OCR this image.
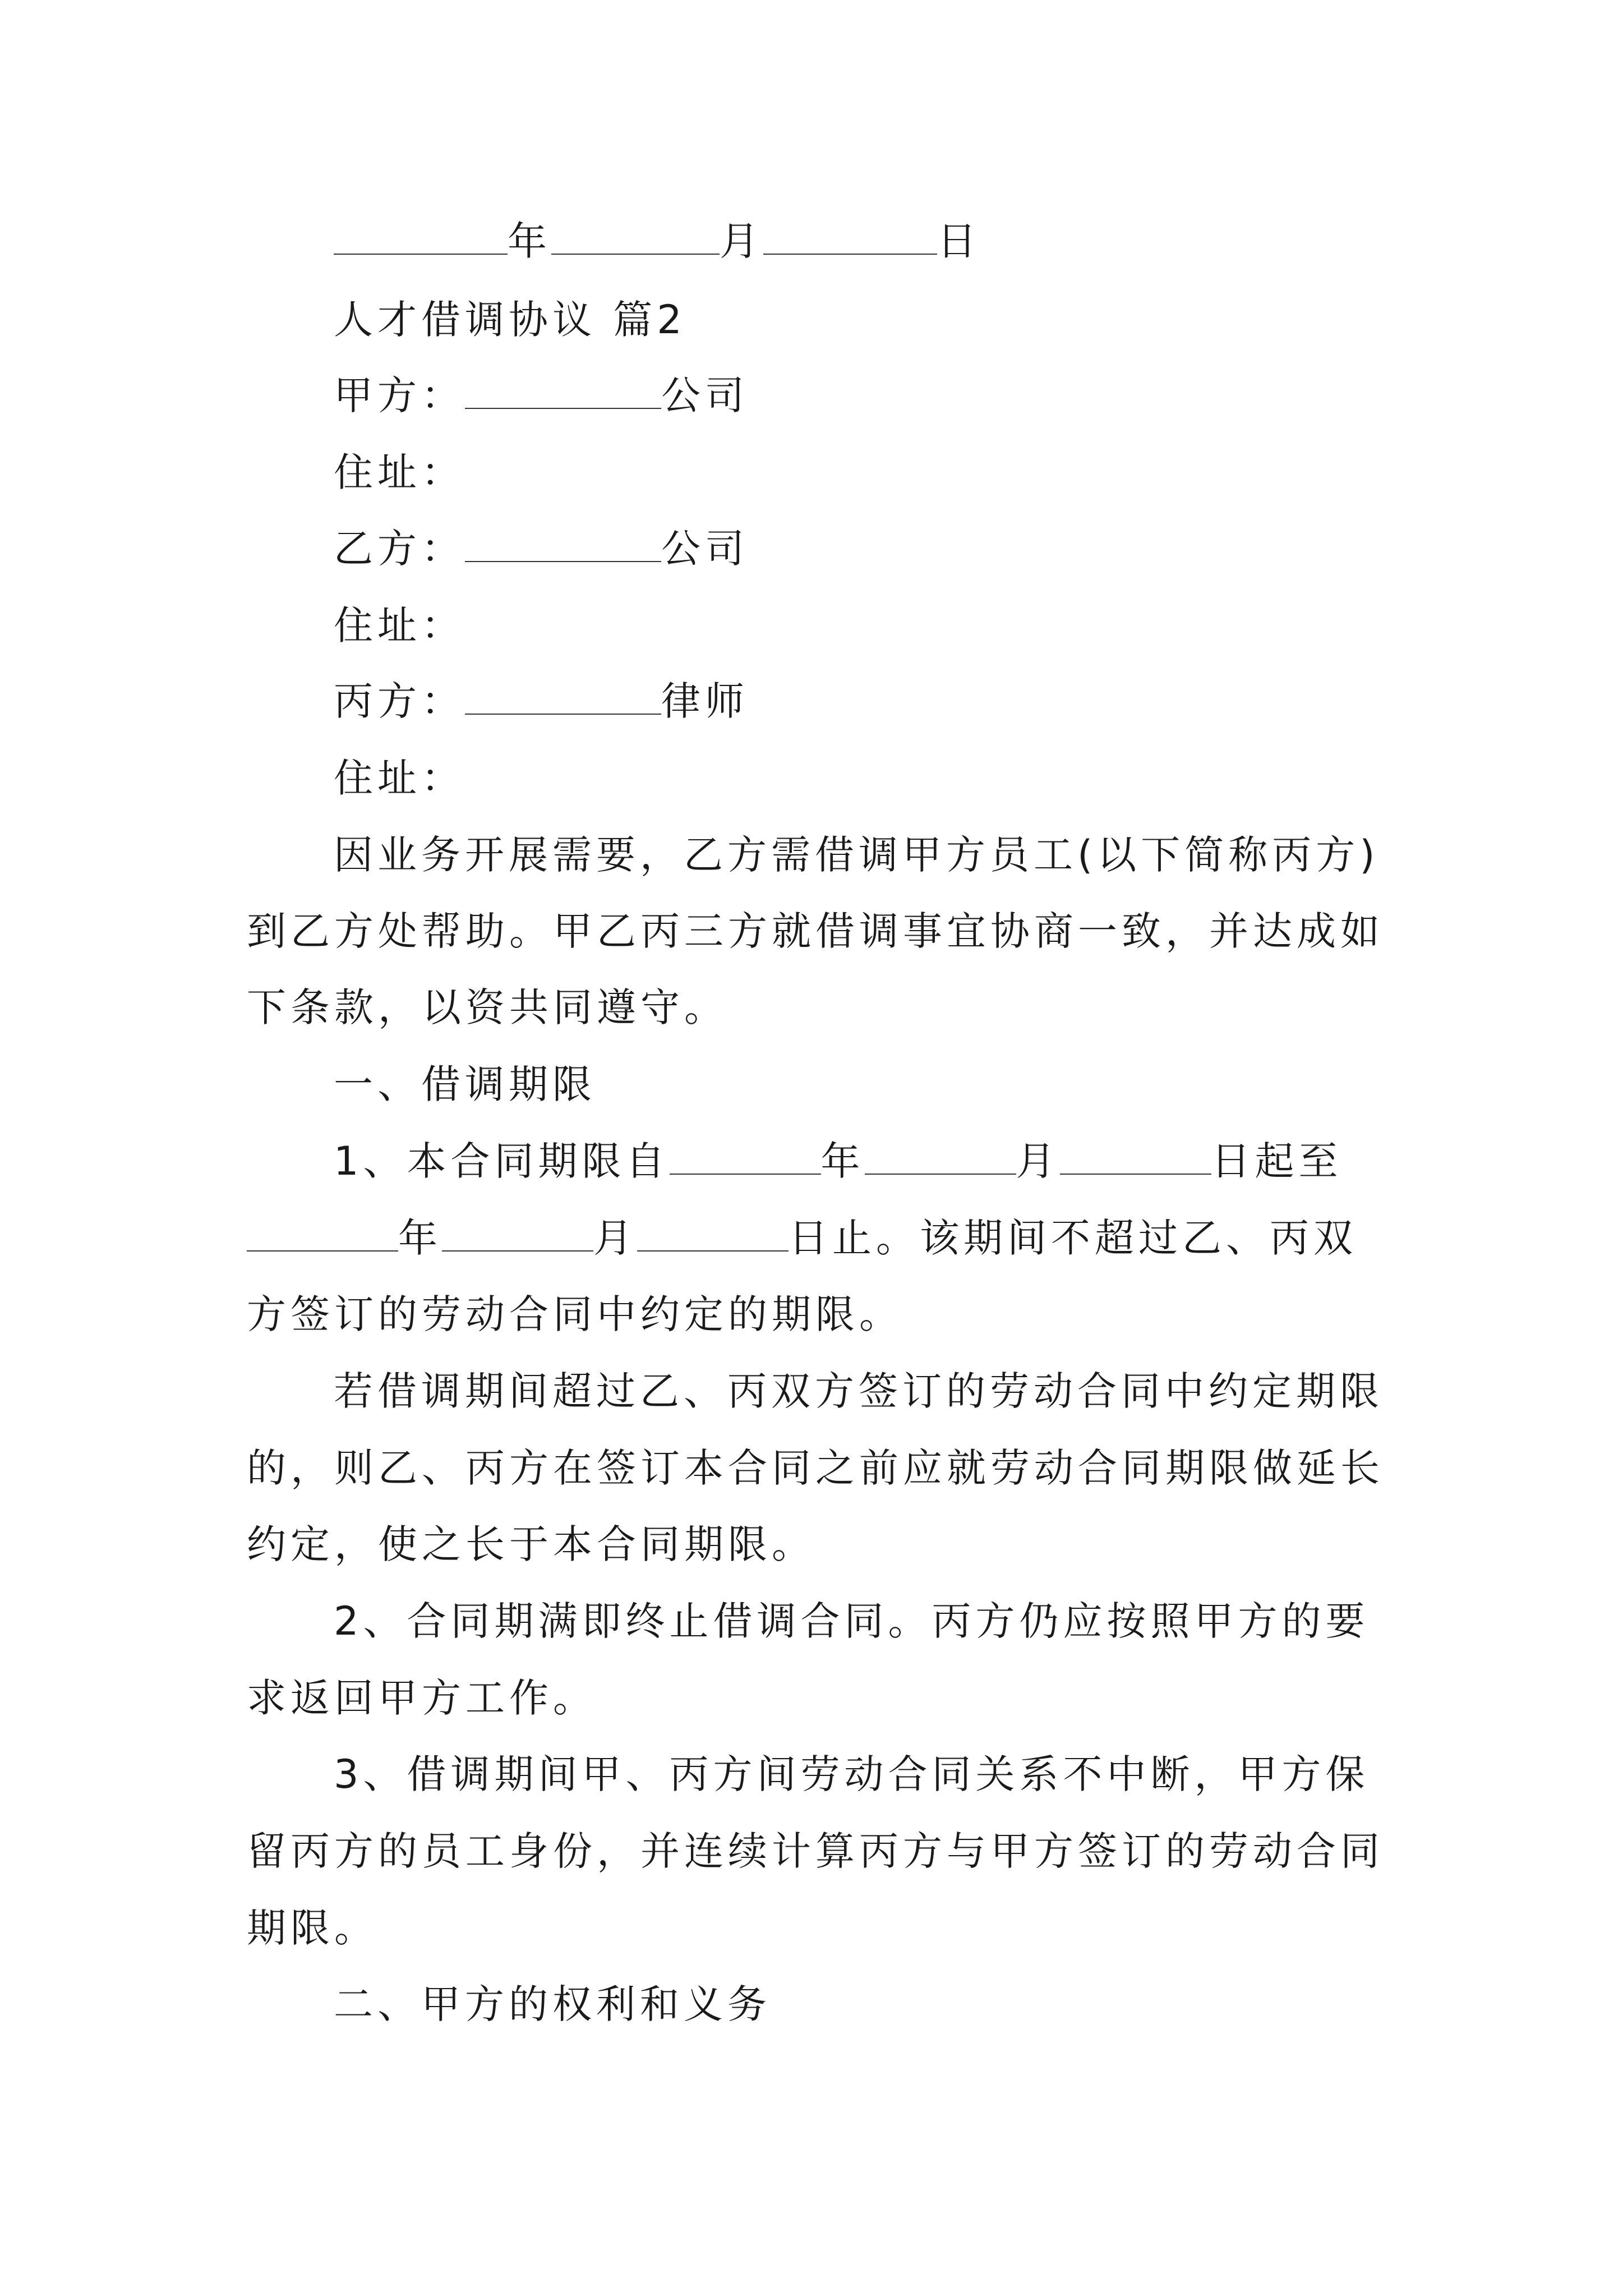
年	月	日
人才借调协议 篇2
甲方：	公司
住址：
乙方：	公司
住址：
丙方：	律师
住址：
因业务开展需要，乙方需借调甲方员工(以下简称丙方)
到乙方处帮助。甲乙丙三方就借调事宜协商一致，并达成如
下条款，以资共同遵守。
一、借调期限
1、本合同期限自	年	月	日起至
年	月	日止。该期间不超过乙、丙双
方签订的劳动合同中约定的期限。
若借调期间超过乙、丙双方签订的劳动合同中约定期限
的，则乙、丙方在签订本合同之前应就劳动合同期限做延长
约定，使之长于本合同期限。
2、合同期满即终止借调合同。丙方仍应按照甲方的要
求返回甲方工作。
3、借调期间甲、丙方间劳动合同关系不中断，甲方保
留丙方的员工身份，并连续计算丙方与甲方签订的劳动合同
期限。
二、甲方的权利和义务
